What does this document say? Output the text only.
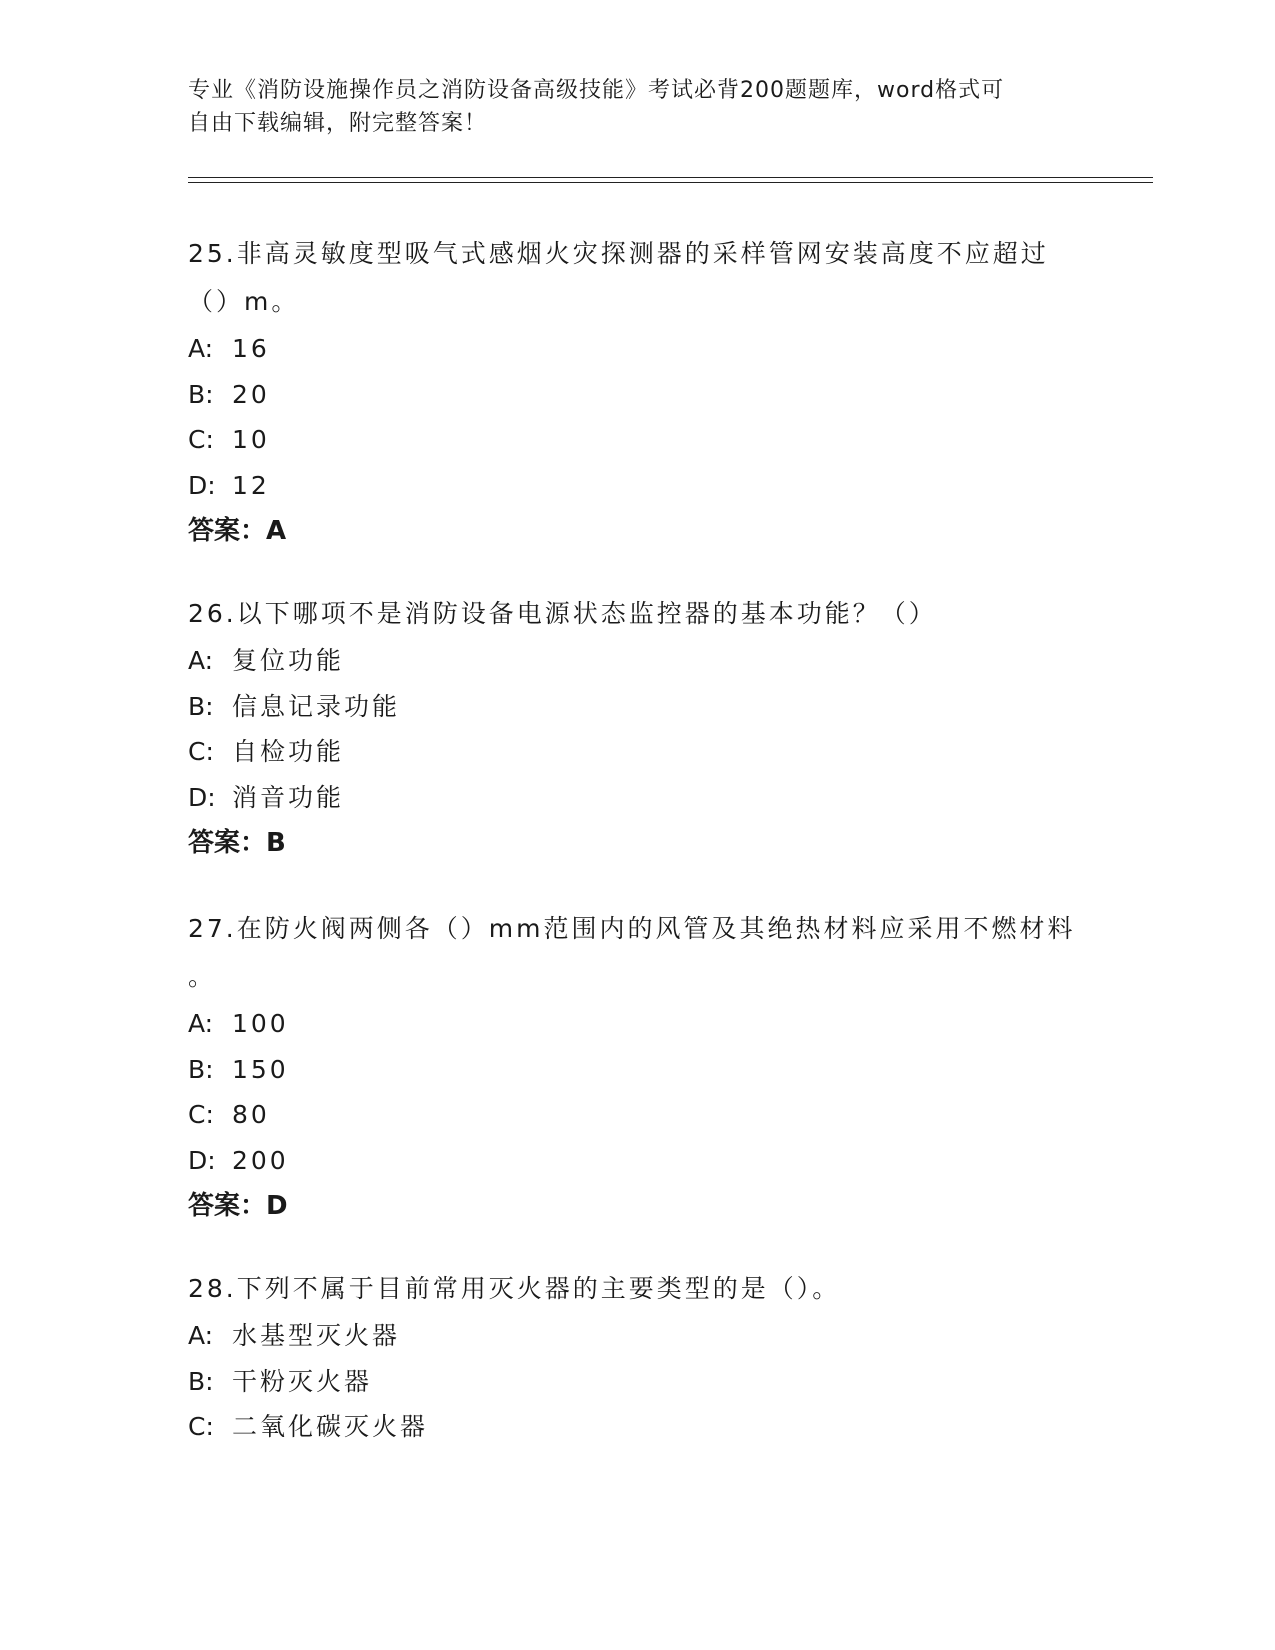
专业《消防设施操作员之消防设备高级技能》考试必背200题题库，word格式可
自由下载编辑，附完整答案！
25.非高灵敏度型吸气式感烟火灾探测器的采样管网安装高度不应超过
（）m。
A: 16
B: 20
C: 10
D: 12
答案：A
26.以下哪项不是消防设备电源状态监控器的基本功能？（）
A: 复位功能
B: 信息记录功能
C: 自检功能
D: 消音功能
答案：B
27.在防火阀两侧各（）mm范围内的风管及其绝热材料应采用不燃材料
。
A: 100
B: 150
C: 80
D: 200
答案：D
28.下列不属于目前常用灭火器的主要类型的是（）。
A: 水基型灭火器
B: 干粉灭火器
C: 二氧化碳灭火器
